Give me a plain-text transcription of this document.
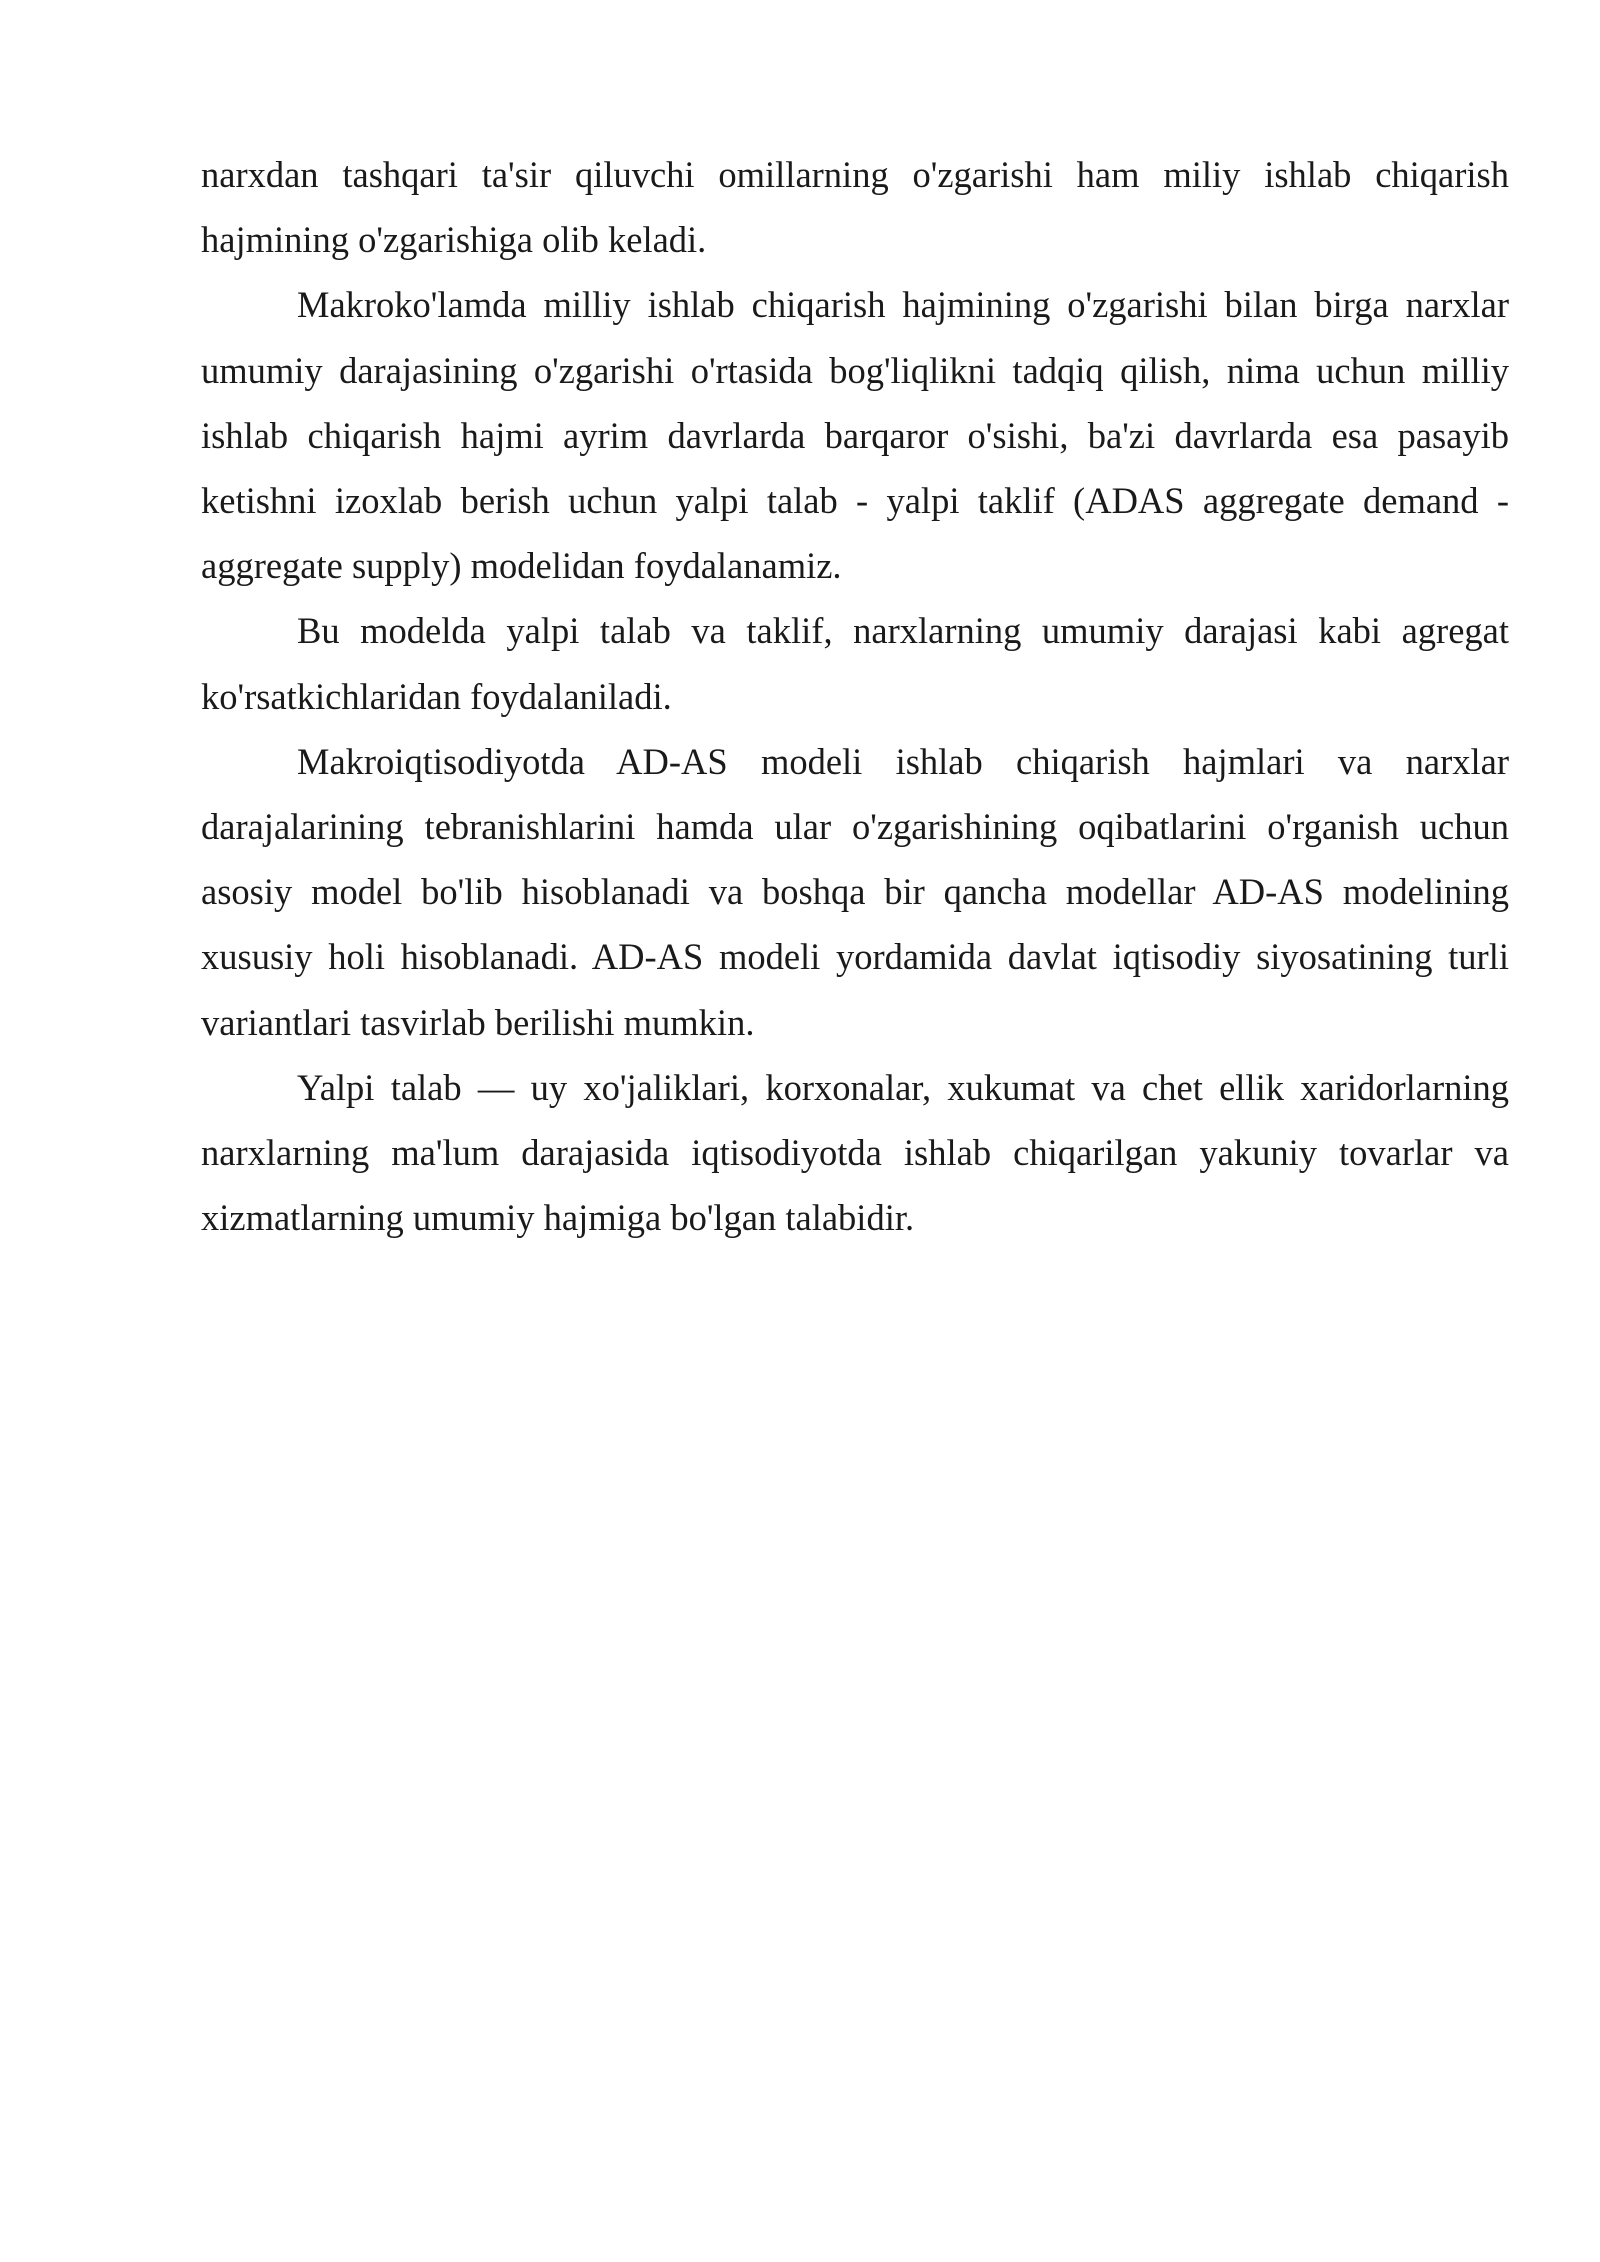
narxdan tashqari ta'sir qiluvchi omillarning o'zgarishi ham miliy ishlab chiqarish hajmining o'zgarishiga olib keladi.

Makroko'lamda milliy ishlab chiqarish hajmining o'zgarishi bilan birga narxlar umumiy darajasining o'zgarishi o'rtasida bog'liqlikni tadqiq qilish, nima uchun milliy ishlab chiqarish hajmi ayrim davrlarda barqaror o'sishi, ba'zi davrlarda esa pasayib ketishni izoxlab berish uchun yalpi talab - yalpi taklif (ADAS aggregate demand - aggregate supply) modelidan foydalanamiz.

Bu modelda yalpi talab va taklif, narxlarning umumiy darajasi kabi agregat ko'rsatkichlaridan foydalaniladi.

Makroiqtisodiyotda AD-AS modeli ishlab chiqarish hajmlari va narxlar darajalarining tebranishlarini hamda ular o'zgarishining oqibatlarini o'rganish uchun asosiy model bo'lib hisoblanadi va boshqa bir qancha modellar AD-AS modelining xususiy holi hisoblanadi. AD-AS modeli yordamida davlat iqtisodiy siyosatining turli variantlari tasvirlab berilishi mumkin.

Yalpi talab — uy xo'jaliklari, korxonalar, xukumat va chet ellik xaridorlarning narxlarning ma'lum darajasida iqtisodiyotda ishlab chiqarilgan yakuniy tovarlar va xizmatlarning umumiy hajmiga bo'lgan talabidir.
